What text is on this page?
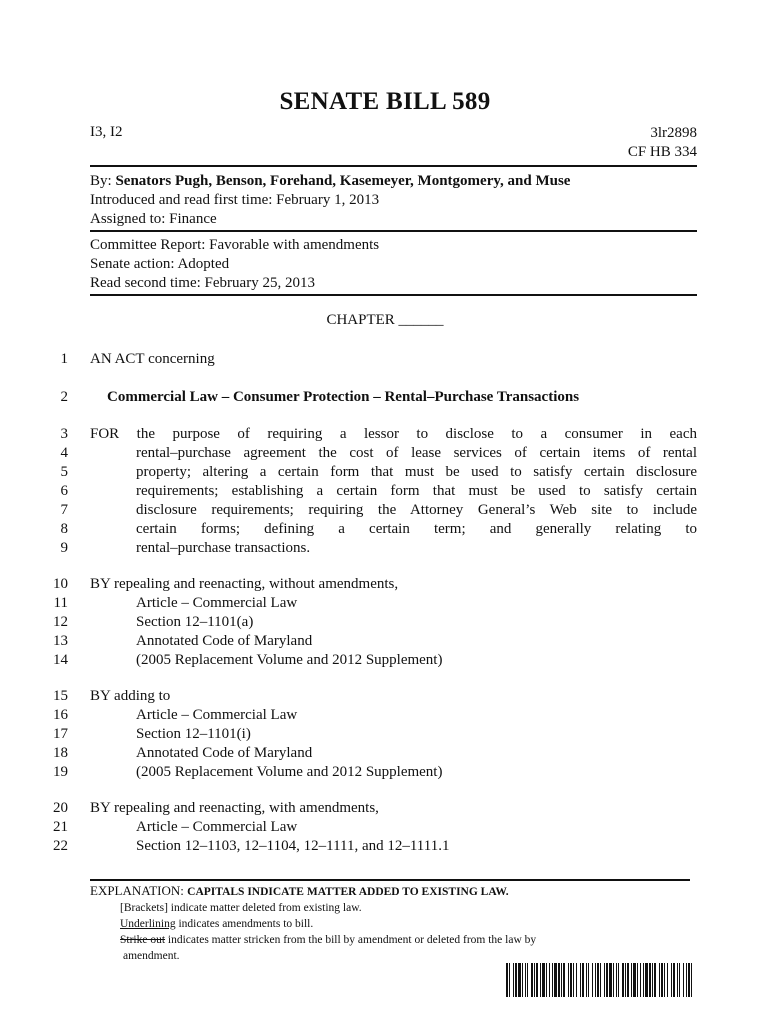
SENATE BILL 589
I3, I2	3lr2898
CF HB 334
By: Senators Pugh, Benson, Forehand, Kasemeyer, Montgomery, and Muse
Introduced and read first time: February 1, 2013
Assigned to: Finance
Committee Report: Favorable with amendments
Senate action: Adopted
Read second time: February 25, 2013
CHAPTER ______
1 AN ACT concerning
2	Commercial Law – Consumer Protection – Rental–Purchase Transactions
3 FOR the purpose of requiring a lessor to disclose to a consumer in each
4	rental–purchase agreement the cost of lease services of certain items of rental
5	property; altering a certain form that must be used to satisfy certain disclosure
6	requirements; establishing a certain form that must be used to satisfy certain
7	disclosure requirements; requiring the Attorney General’s Web site to include
8	certain forms; defining a certain term; and generally relating to
9	rental–purchase transactions.
10 BY repealing and reenacting, without amendments,
11	Article – Commercial Law
12	Section 12–1101(a)
13	Annotated Code of Maryland
14	(2005 Replacement Volume and 2012 Supplement)
15 BY adding to
16	Article – Commercial Law
17	Section 12–1101(i)
18	Annotated Code of Maryland
19	(2005 Replacement Volume and 2012 Supplement)
20 BY repealing and reenacting, with amendments,
21	Article – Commercial Law
22	Section 12–1103, 12–1104, 12–1111, and 12–1111.1
EXPLANATION: CAPITALS INDICATE MATTER ADDED TO EXISTING LAW.
[Brackets] indicate matter deleted from existing law.
Underlining indicates amendments to bill.
Strike out indicates matter stricken from the bill by amendment or deleted from the law by
amendment.
